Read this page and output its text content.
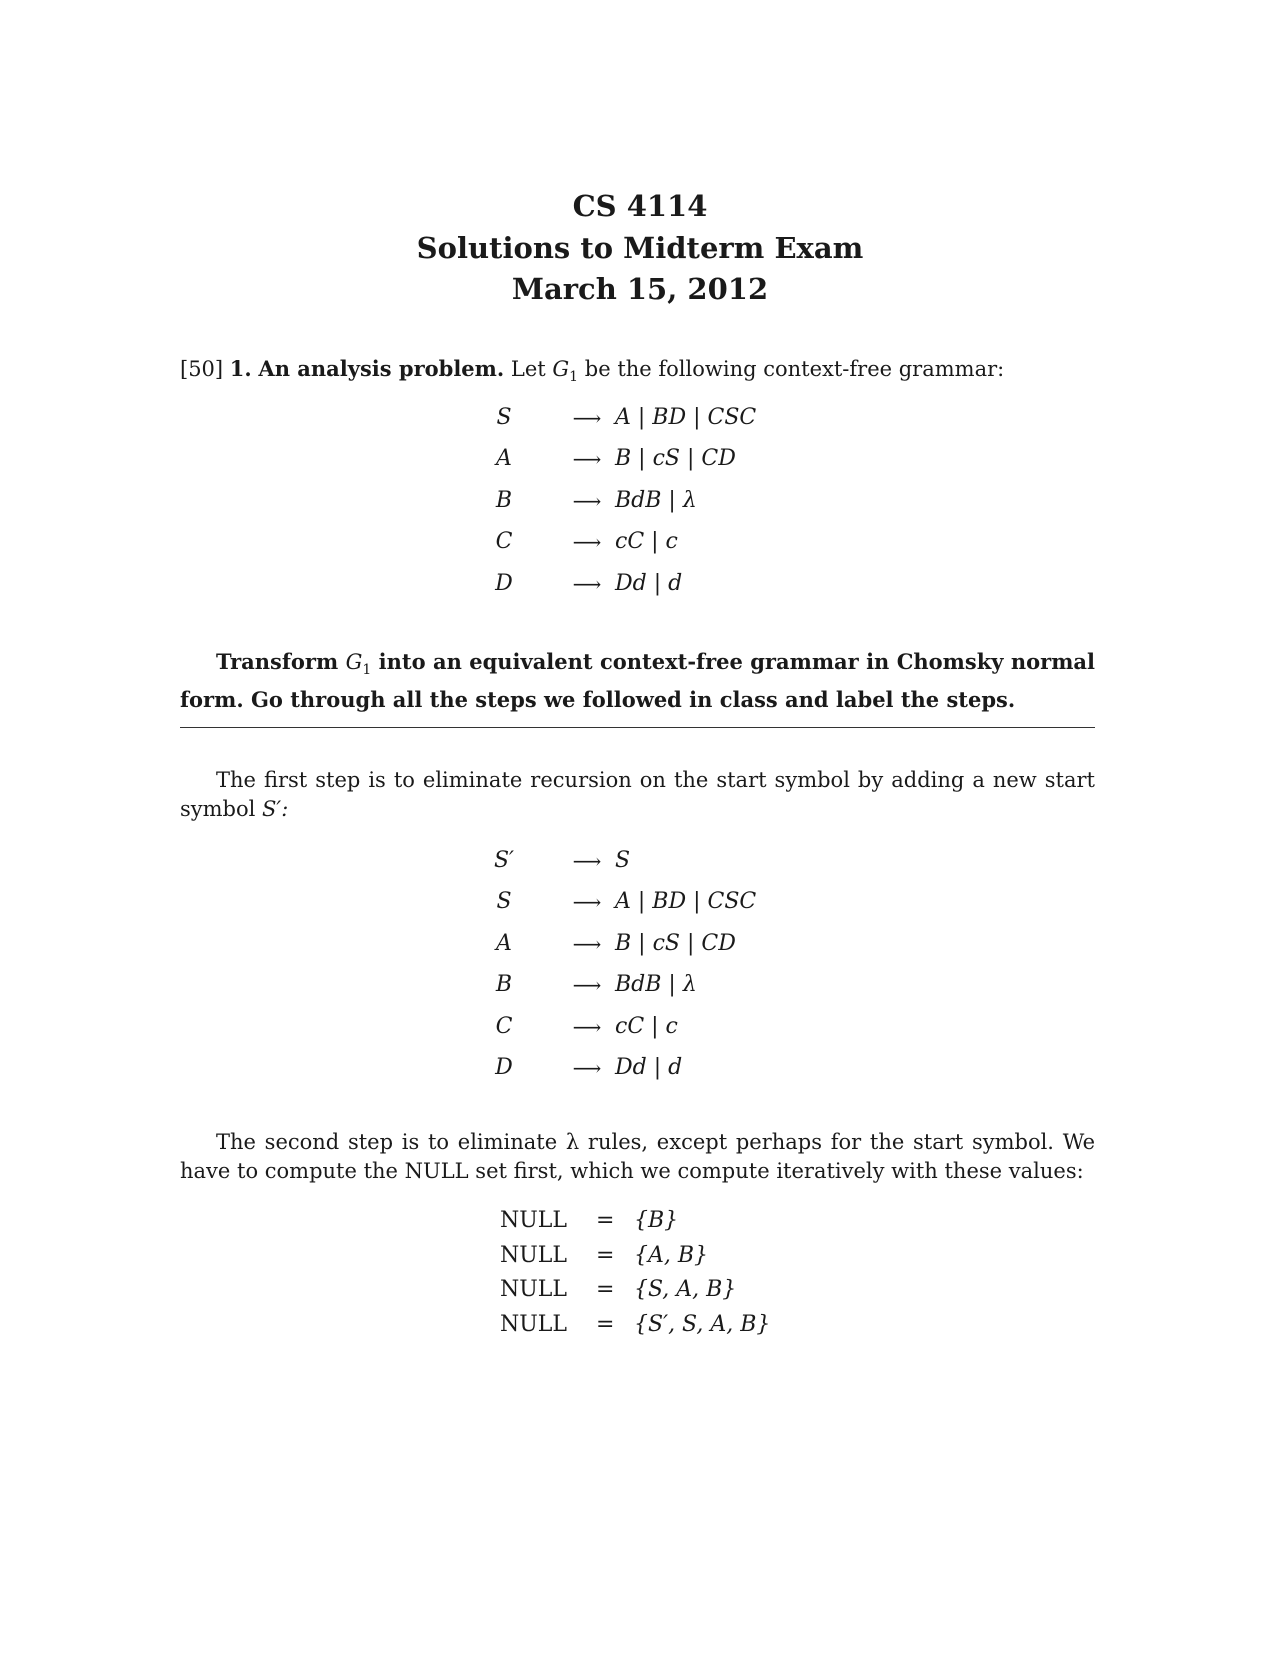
CS 4114
Solutions to Midterm Exam
March 15, 2012
[50] 1. An analysis problem. Let $G_1$ be the following context-free grammar:
S	⟶ A | BD | CSC
A	⟶ B | cS | CD
B	⟶ BdB | λ
C	⟶ cC | c
D	⟶ Dd | d
Transform $G_1$ into an equivalent context-free grammar in Chomsky normal form. Go through all the steps we followed in class and label the steps.
The first step is to eliminate recursion on the start symbol by adding a new start symbol S′:
S′	⟶ S
S	⟶ A | BD | CSC
A	⟶ B | cS | CD
B	⟶ BdB | λ
C	⟶ cC | c
D	⟶ Dd | d
The second step is to eliminate λ rules, except perhaps for the start symbol. We have to compute the NULL set first, which we compute iteratively with these values:
NULL = {B}
NULL = {A, B}
NULL = {S, A, B}
NULL = {S′, S, A, B}
